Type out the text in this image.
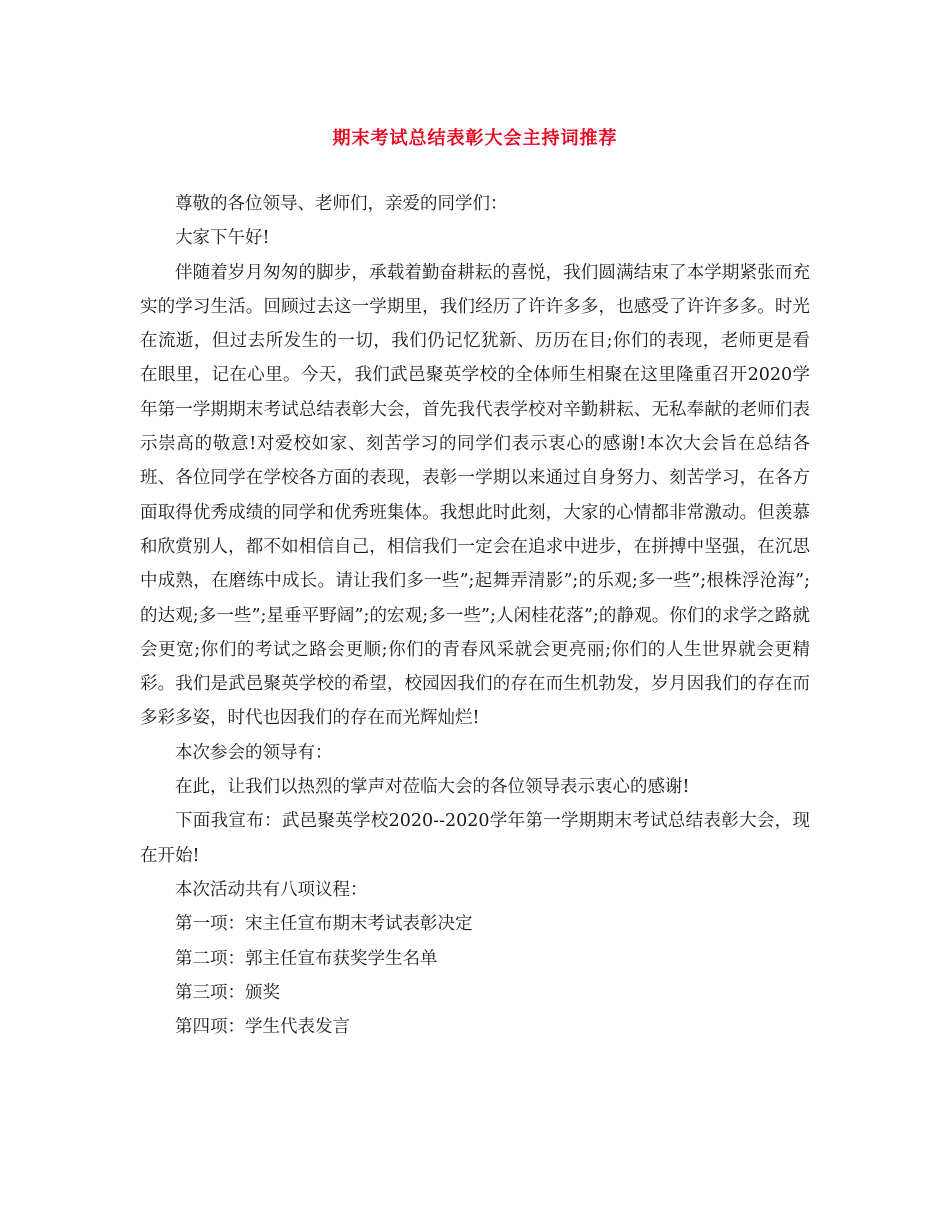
期末考试总结表彰大会主持词推荐

尊敬的各位领导、老师们，亲爱的同学们：

大家下午好!

伴随着岁月匆匆的脚步，承载着勤奋耕耘的喜悦，我们圆满结束了本学期紧张而充实的学习生活。回顾过去这一学期里，我们经历了许许多多，也感受了许许多多。时光在流逝，但过去所发生的一切，我们仍记忆犹新、历历在目;你们的表现，老师更是看在眼里，记在心里。今天，我们武邑聚英学校的全体师生相聚在这里隆重召开2020学年第一学期期末考试总结表彰大会，首先我代表学校对辛勤耕耘、无私奉献的老师们表示崇高的敬意!对爱校如家、刻苦学习的同学们表示衷心的感谢!本次大会旨在总结各班、各位同学在学校各方面的表现，表彰一学期以来通过自身努力、刻苦学习，在各方面取得优秀成绩的同学和优秀班集体。我想此时此刻，大家的心情都非常激动。但羡慕和欣赏别人，都不如相信自己，相信我们一定会在追求中进步，在拼搏中坚强，在沉思中成熟，在磨练中成长。请让我们多一些”;起舞弄清影”;的乐观;多一些”;根株浮沧海”;的达观;多一些”;星垂平野阔”;的宏观;多一些”;人闲桂花落”;的静观。你们的求学之路就会更宽;你们的考试之路会更顺;你们的青春风采就会更亮丽;你们的人生世界就会更精彩。我们是武邑聚英学校的希望，校园因我们的存在而生机勃发，岁月因我们的存在而多彩多姿，时代也因我们的存在而光辉灿烂!

本次参会的领导有：

在此，让我们以热烈的掌声对莅临大会的各位领导表示衷心的感谢!

下面我宣布：武邑聚英学校2020--2020学年第一学期期末考试总结表彰大会，现在开始!

本次活动共有八项议程：

第一项：宋主任宣布期末考试表彰决定

第二项：郭主任宣布获奖学生名单

第三项：颁奖

第四项：学生代表发言
